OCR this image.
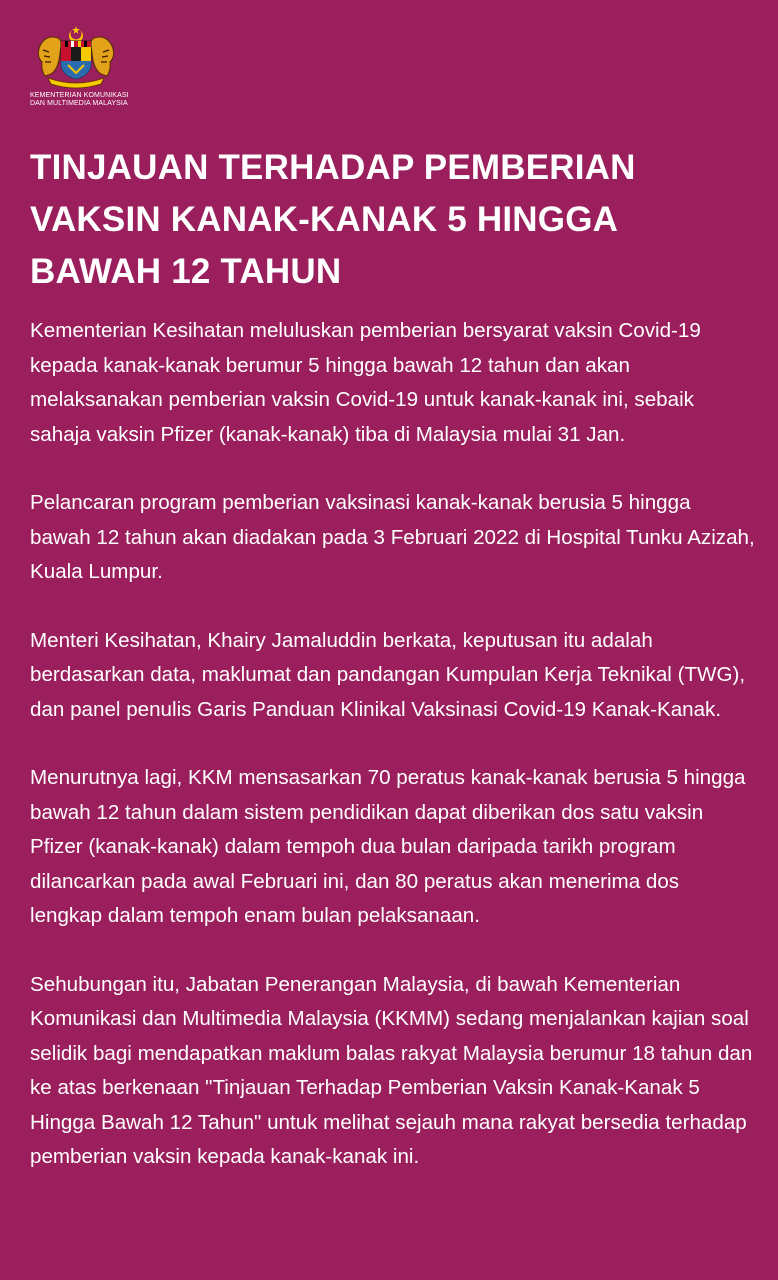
KEMENTERIAN KOMUNIKASI
DAN MULTIMEDIA MALAYSIA
TINJAUAN TERHADAP PEMBERIAN VAKSIN KANAK-KANAK 5 HINGGA BAWAH 12 TAHUN

Kementerian Kesihatan meluluskan pemberian bersyarat vaksin Covid-19 kepada kanak-kanak berumur 5 hingga bawah 12 tahun dan akan melaksanakan pemberian vaksin Covid-19 untuk kanak-kanak ini, sebaik sahaja vaksin Pfizer (kanak-kanak) tiba di Malaysia mulai 31 Jan.

Pelancaran program pemberian vaksinasi kanak-kanak berusia 5 hingga bawah 12 tahun akan diadakan pada 3 Februari 2022 di Hospital Tunku Azizah, Kuala Lumpur.

Menteri Kesihatan, Khairy Jamaluddin berkata, keputusan itu adalah berdasarkan data, maklumat dan pandangan Kumpulan Kerja Teknikal (TWG), dan panel penulis Garis Panduan Klinikal Vaksinasi Covid-19 Kanak-Kanak.

Menurutnya lagi, KKM mensasarkan 70 peratus kanak-kanak berusia 5 hingga bawah 12 tahun dalam sistem pendidikan dapat diberikan dos satu vaksin Pfizer (kanak-kanak) dalam tempoh dua bulan daripada tarikh program dilancarkan pada awal Februari ini, dan 80 peratus akan menerima dos lengkap dalam tempoh enam bulan pelaksanaan.

Sehubungan itu, Jabatan Penerangan Malaysia, di bawah Kementerian Komunikasi dan Multimedia Malaysia (KKMM) sedang menjalankan kajian soal selidik bagi mendapatkan maklum balas rakyat Malaysia berumur 18 tahun dan ke atas berkenaan "Tinjauan Terhadap Pemberian Vaksin Kanak-Kanak 5 Hingga Bawah 12 Tahun" untuk melihat sejauh mana rakyat bersedia terhadap pemberian vaksin kepada kanak-kanak ini.
